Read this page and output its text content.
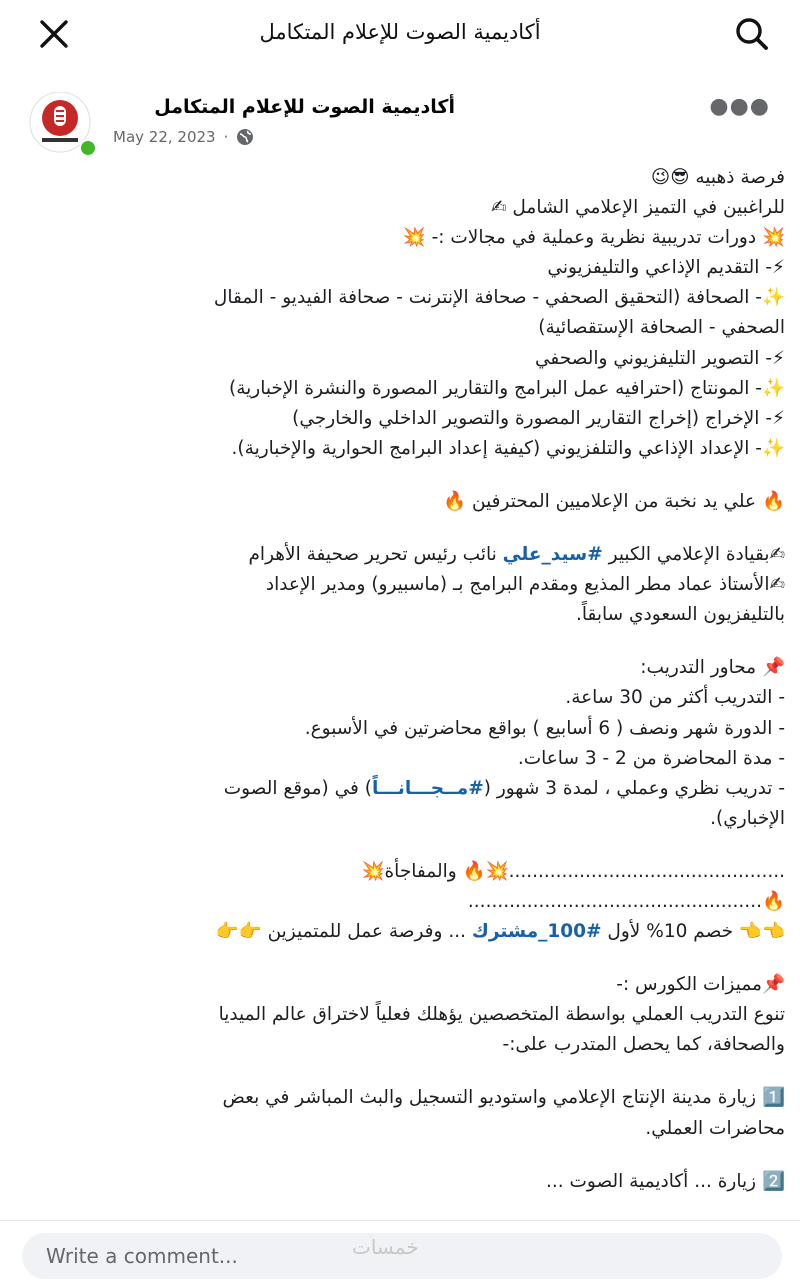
أكاديمية الصوت للإعلام المتكامل
أكاديمية الصوت للإعلام المتكامل
May 22, 2023 ·
●●●
فرصة ذهبيه 😎😉
للراغبين في التميز الإعلامي الشامل ✍
💥 دورات تدريبية نظرية وعملية في مجالات :- 💥
⚡- التقديم الإذاعي والتليفزيوني
✨- الصحافة (التحقيق الصحفي - صحافة الإنترنت - صحافة الفيديو - المقال
الصحفي - الصحافة الإستقصائية)
⚡- التصوير التليفزيوني والصحفي
✨- المونتاج (احترافيه عمل البرامج والتقارير المصورة والنشرة الإخبارية)
⚡- الإخراج (إخراج التقارير المصورة والتصوير الداخلي والخارجي)
✨- الإعداد الإذاعي والتلفزيوني (كيفية إعداد البرامج الحوارية والإخبارية).
🔥 علي يد نخبة من الإعلاميين المحترفين 🔥
✍بقيادة الإعلامي الكبير #سيد_علي نائب رئيس تحرير صحيفة الأهرام
✍الأستاذ عماد مطر المذيع ومقدم البرامج بـ (ماسبيرو) ومدير الإعداد
بالتليفزيون السعودي سابقاً.
📌 محاور التدريب:
- التدريب أكثر من 30 ساعة.
- الدورة شهر ونصف ( 6 أسابيع ) بواقع محاضرتين في الأسبوع.
- مدة المحاضرة من 2 - 3 ساعات.
- تدريب نظري وعملي ، لمدة 3 شهور (#مــجـــانـــاً) في (موقع الصوت
الإخباري).
...............................................💥🔥 والمفاجأة💥
🔥..................................................
👈👈 خصم 10% لأول #100_مشترك ... وفرصة عمل للمتميزين 👉👉
📌مميزات الكورس :-
تنوع التدريب العملي بواسطة المتخصصين يؤهلك فعلياً لاختراق عالم الميديا
والصحافة، كما يحصل المتدرب على:-
1️⃣ زيارة مدينة الإنتاج الإعلامي واستوديو التسجيل والبث المباشر في بعض
محاضرات العملي.
2️⃣ زيارة ... أكاديمية الصوت ...
Write a comment...	خمسات
